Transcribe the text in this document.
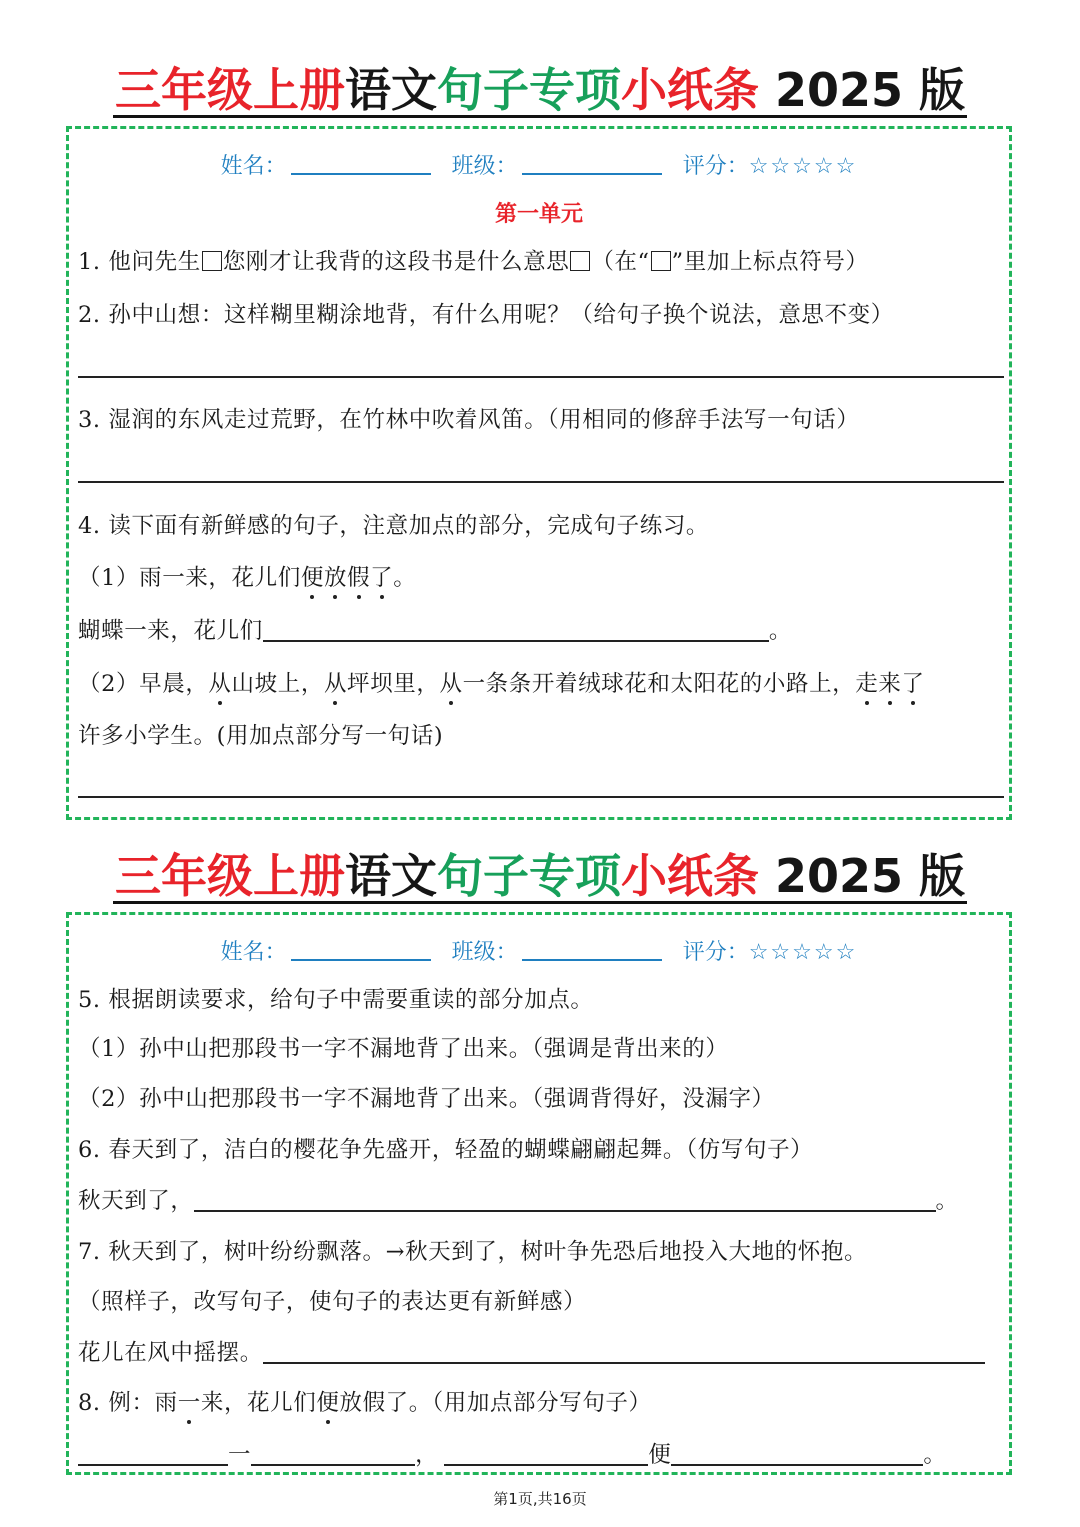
三年级上册语文句子专项小纸条 2025 版
姓名：	班级：	评分：☆☆☆☆☆
第一单元
1. 他问先生 您刚才让我背的这段书是什么意思 （在“ ”里加上标点符号）
2. 孙中山想：这样糊里糊涂地背，有什么用呢？（给句子换个说法，意思不变）
3. 湿润的东风走过荒野，在竹林中吹着风笛。（用相同的修辞手法写一句话）
4. 读下面有新鲜感的句子，注意加点的部分，完成句子练习。
（1）雨一来，花儿们便放假了。
蝴蝶一来，花儿们	。
（2）早晨，从山坡上，从坪坝里，从一条条开着绒球花和太阳花的小路上，走来了
许多小学生。(用加点部分写一句话)
三年级上册语文句子专项小纸条 2025 版
姓名：	班级：	评分：☆☆☆☆☆
5. 根据朗读要求，给句子中需要重读的部分加点。
（1）孙中山把那段书一字不漏地背了出来。（强调是背出来的）
（2）孙中山把那段书一字不漏地背了出来。（强调背得好，没漏字）
6. 春天到了，洁白的樱花争先盛开，轻盈的蝴蝶翩翩起舞。（仿写句子）
秋天到了，	。
7. 秋天到了，树叶纷纷飘落。→秋天到了，树叶争先恐后地投入大地的怀抱。
（照样子，改写句子，使句子的表达更有新鲜感）
花儿在风中摇摆。
8. 例：雨一来，花儿们便放假了。（用加点部分写句子）
一	，	便	。
第1页,共16页
